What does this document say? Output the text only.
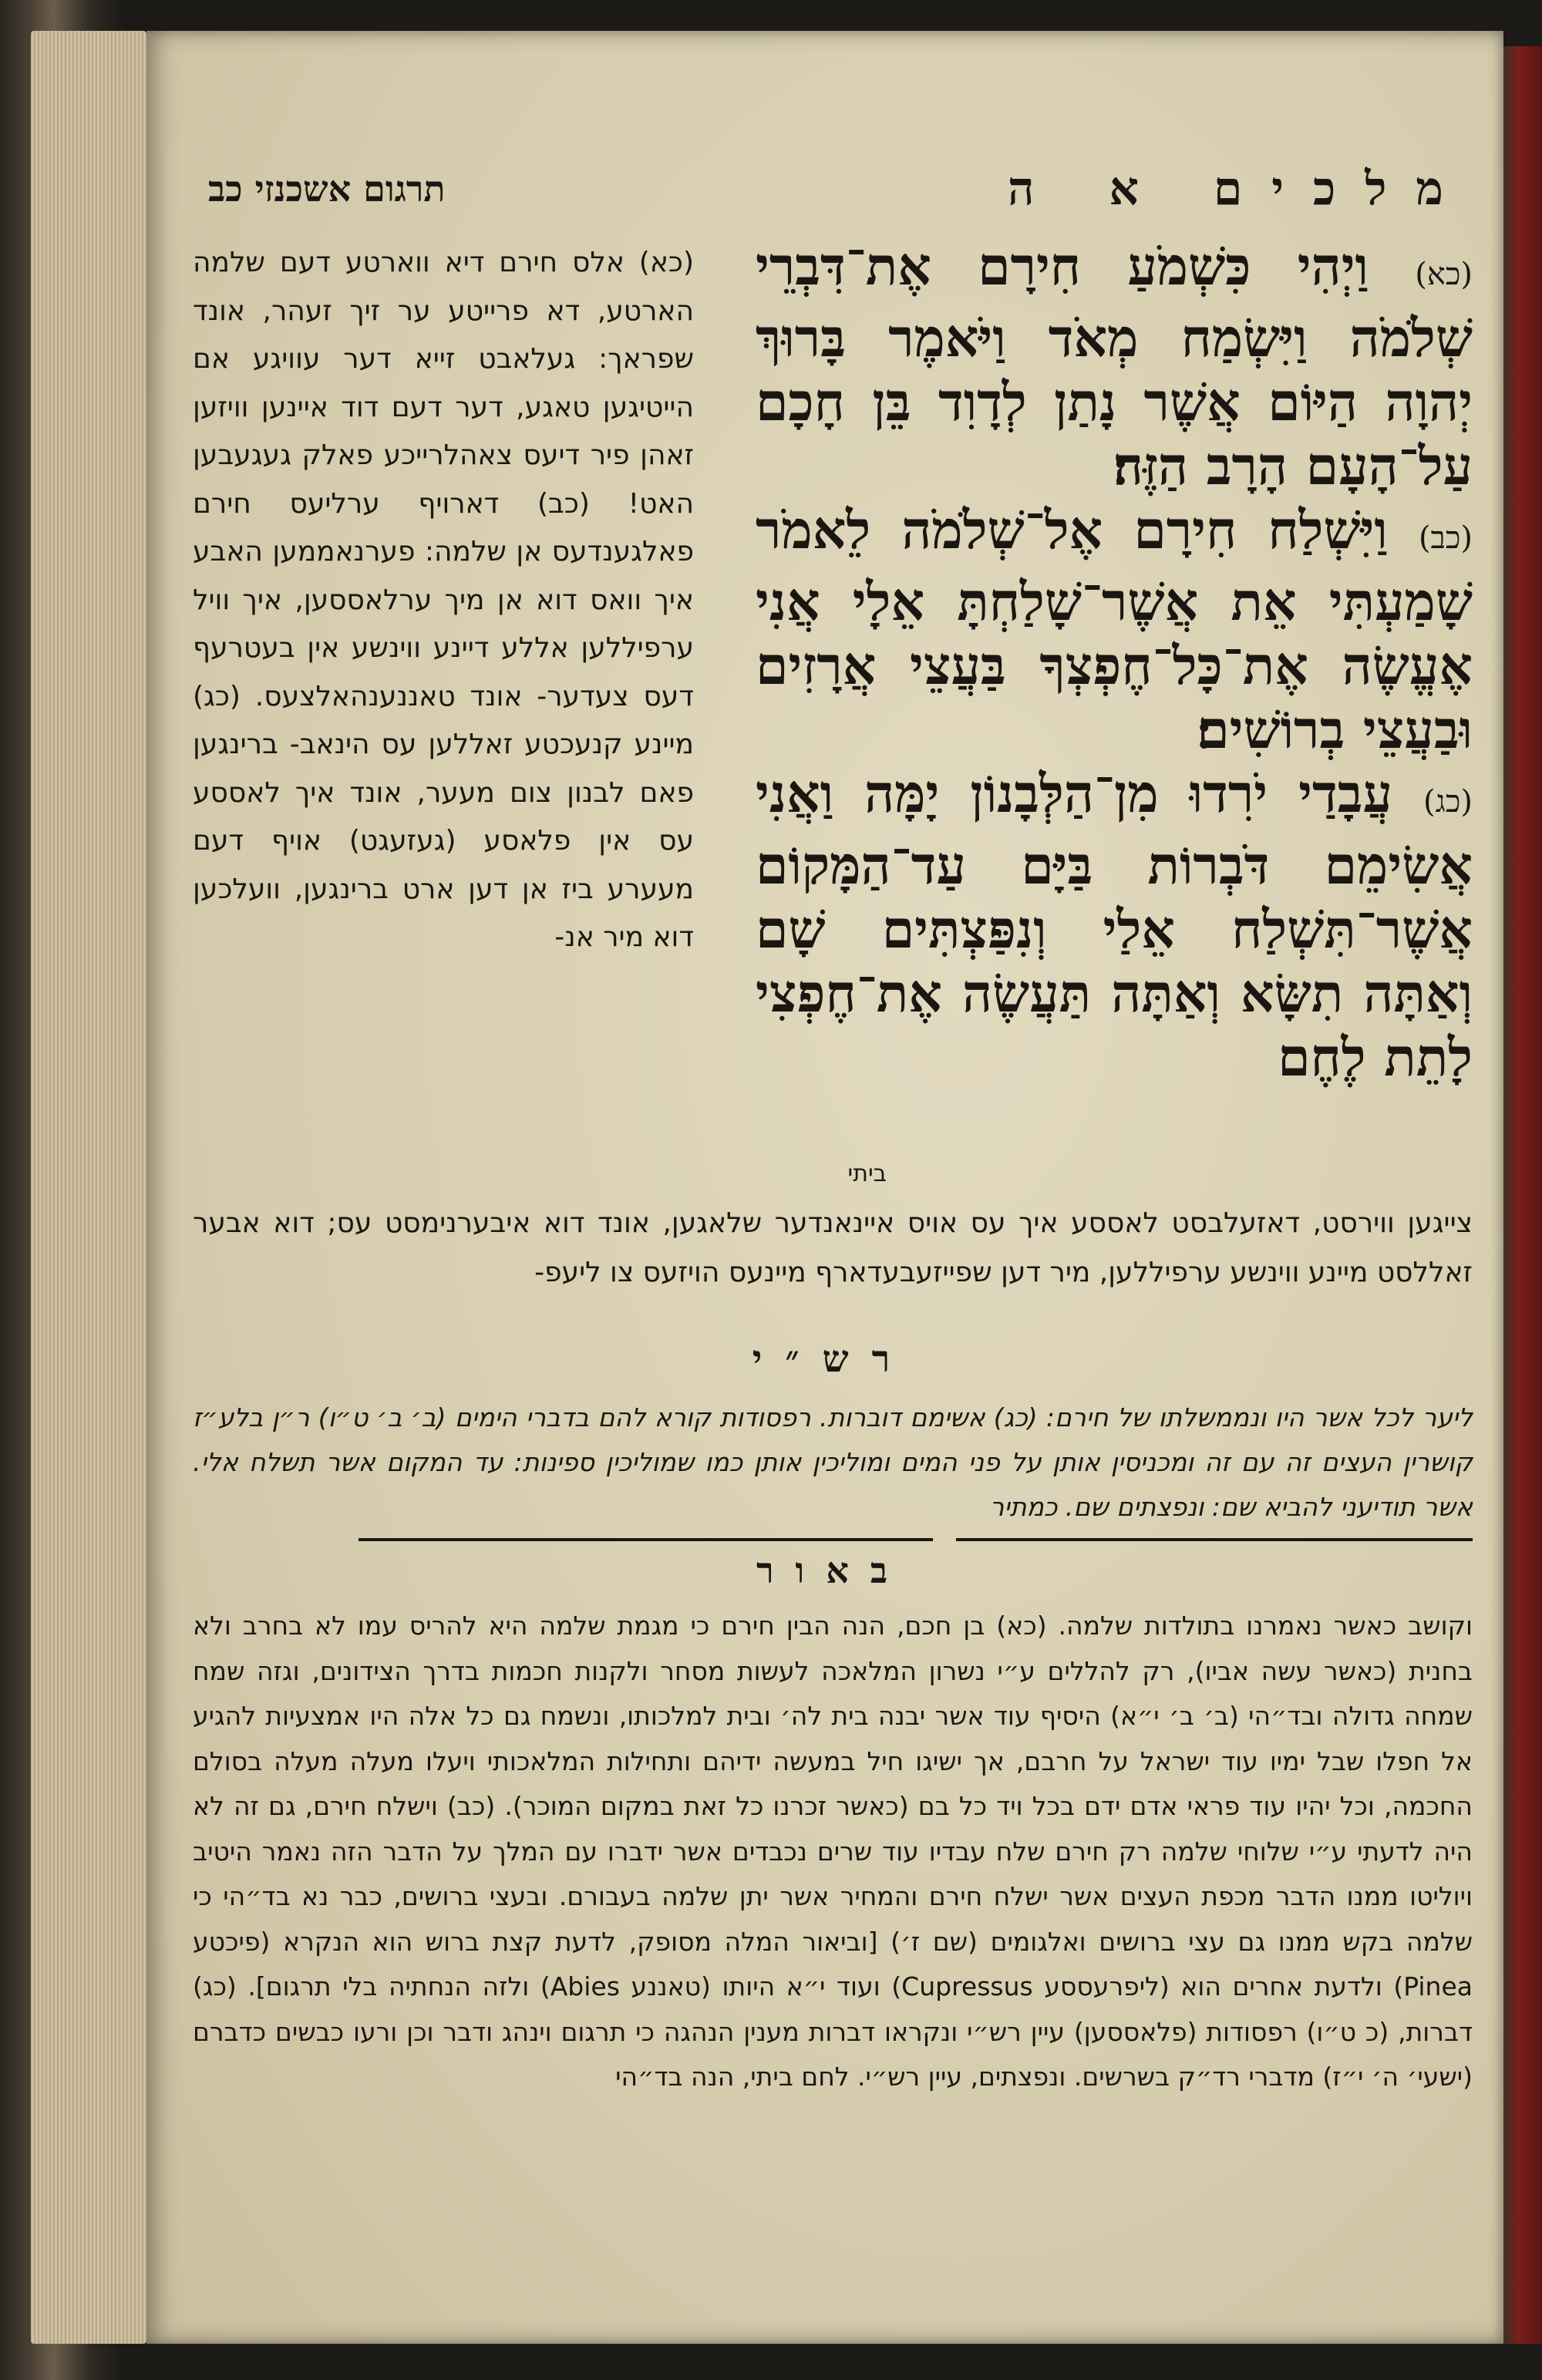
מלכים א ה
תרגום אשכנזי כב
(כא) וַיְהִי כִּשְׁמֹעַ חִירָם אֶת־דִּבְרֵי שְׁלֹמֹה וַיִּשְׂמַח מְאֹד וַיֹּאמֶר בָּרוּךְ יְהוָה הַיּוֹם אֲשֶׁר נָתַן לְדָוִד בֵּן חָכָם עַל־הָעָם הָרָב הַזֶּה׃
(כב) וַיִּשְׁלַח חִירָם אֶל־שְׁלֹמֹה לֵאמֹר שָׁמַעְתִּי אֵת אֲשֶׁר־שָׁלַחְתָּ אֵלָי אֲנִי אֶעֱשֶׂה אֶת־כָּל־חֶפְצְךָ בַּעֲצֵי אֲרָזִים וּבַעֲצֵי בְרוֹשִׁים׃
(כג) עֲבָדַי יֹרִדוּ מִן־הַלְּבָנוֹן יָמָּה וַאֲנִי אֲשִׂימֵם דֹּבְרוֹת בַּיָּם עַד־הַמָּקוֹם אֲשֶׁר־תִּשְׁלַח אֵלַי וְנִפַּצְתִּים שָׁם וְאַתָּה תִשָּׂא וְאַתָּה תַּעֲשֶׂה אֶת־חֶפְצִי לָתֵת לֶחֶם
ביתי
(כא) אלס חירם דיא ווארטע דעם שלמה הארטע, דא פרייטע ער זיך זעהר, אונד שפראך: געלאבט זייא דער עוויגע אם הייטיגען טאגע, דער דעם דוד איינען וויזען זאהן פיר דיעס צאהלרייכע פאלק געגעבען האט! (כב) דארויף ערליעס חירם פאלגענדעס אן שלמה: פערנאממען האבע איך וואס דוא אן מיך ערלאססען, איך וויל ערפיללען אללע דיינע ווינשע אין בעטרעף דעס צעדער- אונד טאננענהאלצעס. (כג) מיינע קנעכטע זאללען עס הינאב- ברינגען פאם לבנון צום מעער, אונד איך לאססע עס אין פלאסע (געזעגט) אויף דעם מעערע ביז אן דען ארט ברינגען, וועלכען דוא מיר אנ-
צייגען ווירסט, דאזעלבסט לאססע איך עס אויס איינאנדער שלאגען, אונד דוא איבערנימסט עס; דוא אבער זאללסט מיינע ווינשע ערפיללען, מיר דען שפייזעבעדארף מיינעס הויזעס צו ליעפ-
רש״י
ליער לכל אשר היו ונממשלתו של חירם: (כג) אשימם דוברות. רפסודות קורא להם בדברי הימים (ב׳ ב׳ ט״ו) ר״ן בלע״ז קושרין העצים זה עם זה ומכניסין אותן על פני המים ומוליכין אותן כמו שמוליכין ספינות: עד המקום אשר תשלח אלי. אשר תודיעני להביא שם: ונפצתים שם. כמתיר
באור
וקושב כאשר נאמרנו בתולדות שלמה. (כא) בן חכם, הנה הבין חירם כי מגמת שלמה היא להריס עמו לא בחרב ולא בחנית (כאשר עשה אביו), רק להללים ע״י נשרון המלאכה לעשות מסחר ולקנות חכמות בדרך הצידונים, וגזה שמח שמחה גדולה ובד״הי (ב׳ ב׳ י״א) היסיף עוד אשר יבנה בית לה׳ ובית למלכותו, ונשמח גם כל אלה היו אמצעיות להגיע אל חפלו שבל ימיו עוד ישראל על חרבם, אך ישיגו חיל במעשה ידיהם ותחילות המלאכותי ויעלו מעלה מעלה בסולם החכמה, וכל יהיו עוד פראי אדם ידם בכל ויד כל בם (כאשר זכרנו כל זאת במקום המוכר). (כב) וישלח חירם, גם זה לא היה לדעתי ע״י שלוחי שלמה רק חירם שלח עבדיו עוד שרים נכבדים אשר ידברו עם המלך על הדבר הזה נאמר היטיב ויוליטו ממנו הדבר מכפת העצים אשר ישלח חירם והמחיר אשר יתן שלמה בעבורם. ובעצי ברושים, כבר נא בד״הי כי שלמה בקש ממנו גם עצי ברושים ואלגומים (שם ז׳) [וביאור המלה מסופק, לדעת קצת ברוש הוא הנקרא (פיכטע Pinea) ולדעת אחרים הוא (ליפרעססע Cupressus) ועוד י״א היותו (טאננע Abies) ולזה הנחתיה בלי תרגום]. (כג) דברות, (כ ט״ו) רפסודות (פלאססען) עיין רש״י ונקראו דברות מענין הנהגה כי תרגום וינהג ודבר וכן ורעו כבשים כדברם (ישעי׳ ה׳ י״ז) מדברי רד״ק בשרשים. ונפצתים, עיין רש״י. לחם ביתי, הנה בד״הי
